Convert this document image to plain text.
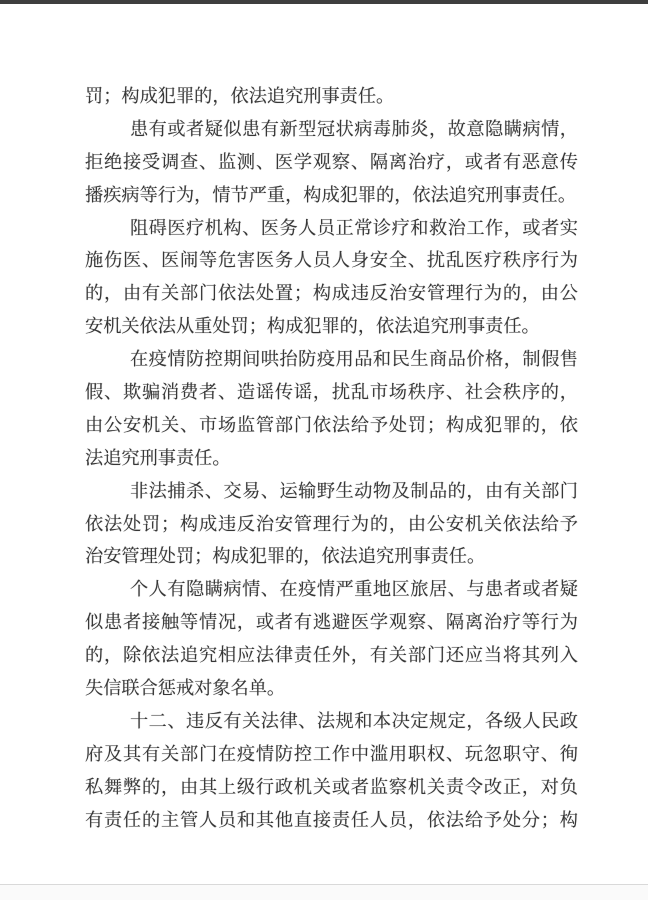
罚；构成犯罪的，依法追究刑事责任。
患有或者疑似患有新型冠状病毒肺炎，故意隐瞒病情，
拒绝接受调查、监测、医学观察、隔离治疗，或者有恶意传
播疾病等行为，情节严重，构成犯罪的，依法追究刑事责任。
阻碍医疗机构、医务人员正常诊疗和救治工作，或者实
施伤医、医闹等危害医务人员人身安全、扰乱医疗秩序行为
的，由有关部门依法处置；构成违反治安管理行为的，由公
安机关依法从重处罚；构成犯罪的，依法追究刑事责任。
在疫情防控期间哄抬防疫用品和民生商品价格，制假售
假、欺骗消费者、造谣传谣，扰乱市场秩序、社会秩序的，
由公安机关、市场监管部门依法给予处罚；构成犯罪的，依
法追究刑事责任。
非法捕杀、交易、运输野生动物及制品的，由有关部门
依法处罚；构成违反治安管理行为的，由公安机关依法给予
治安管理处罚；构成犯罪的，依法追究刑事责任。
个人有隐瞒病情、在疫情严重地区旅居、与患者或者疑
似患者接触等情况，或者有逃避医学观察、隔离治疗等行为
的，除依法追究相应法律责任外，有关部门还应当将其列入
失信联合惩戒对象名单。
十二、违反有关法律、法规和本决定规定，各级人民政
府及其有关部门在疫情防控工作中滥用职权、玩忽职守、徇
私舞弊的，由其上级行政机关或者监察机关责令改正，对负
有责任的主管人员和其他直接责任人员，依法给予处分；构
